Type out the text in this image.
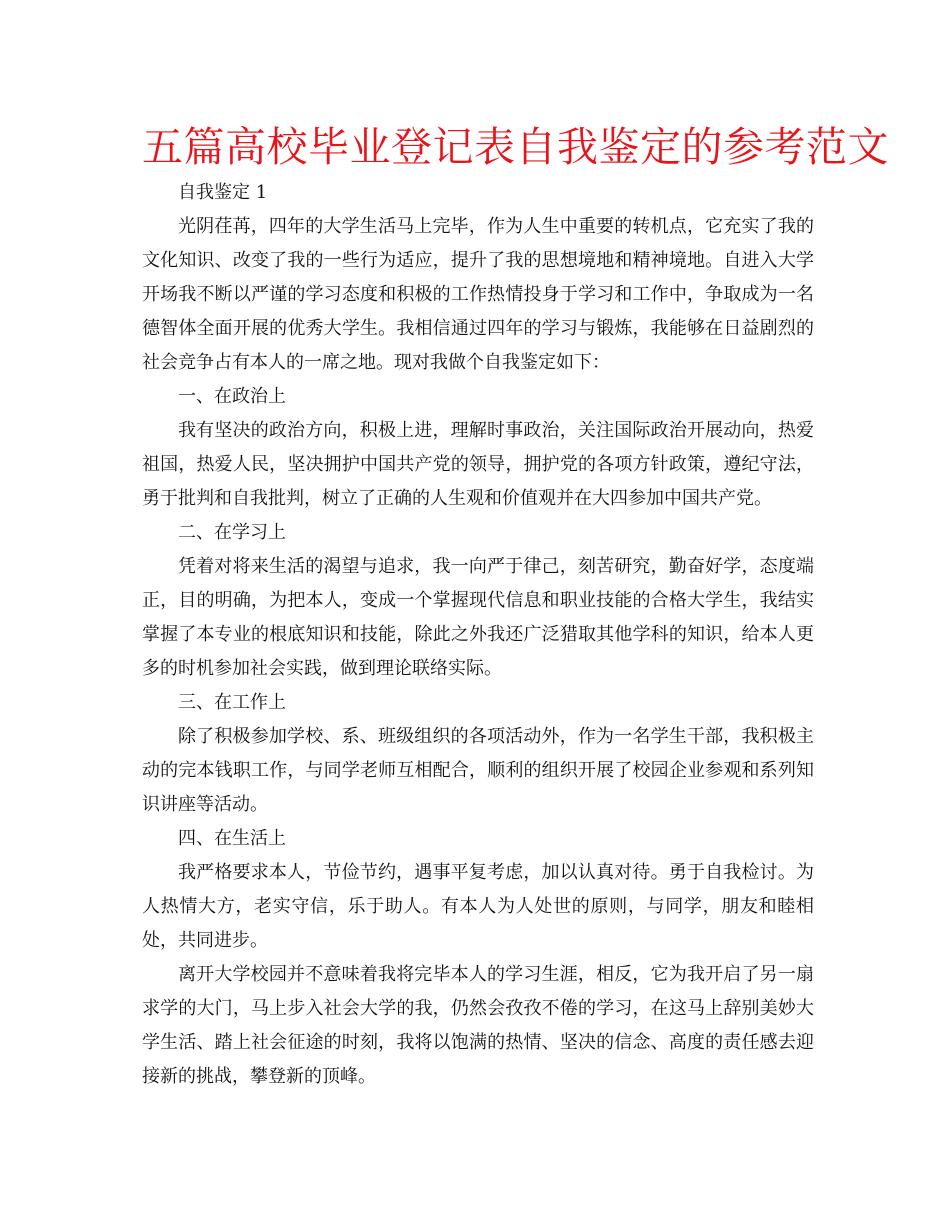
五篇高校毕业登记表自我鉴定的参考范文

自我鉴定 1

光阴荏苒，四年的大学生活马上完毕，作为人生中重要的转机点，它充实了我的文化知识、改变了我的一些行为适应，提升了我的思想境地和精神境地。自进入大学开场我不断以严谨的学习态度和积极的工作热情投身于学习和工作中，争取成为一名德智体全面开展的优秀大学生。我相信通过四年的学习与锻炼，我能够在日益剧烈的社会竞争占有本人的一席之地。现对我做个自我鉴定如下：

一、在政治上

我有坚决的政治方向，积极上进，理解时事政治，关注国际政治开展动向，热爱祖国，热爱人民，坚决拥护中国共产党的领导，拥护党的各项方针政策，遵纪守法，勇于批判和自我批判，树立了正确的人生观和价值观并在大四参加中国共产党。

二、在学习上

凭着对将来生活的渴望与追求，我一向严于律己，刻苦研究，勤奋好学，态度端正，目的明确，为把本人，变成一个掌握现代信息和职业技能的合格大学生，我结实掌握了本专业的根底知识和技能，除此之外我还广泛猎取其他学科的知识，给本人更多的时机参加社会实践，做到理论联络实际。

三、在工作上

除了积极参加学校、系、班级组织的各项活动外，作为一名学生干部，我积极主动的完本钱职工作，与同学老师互相配合，顺利的组织开展了校园企业参观和系列知识讲座等活动。

四、在生活上

我严格要求本人，节俭节约，遇事平复考虑，加以认真对待。勇于自我检讨。为人热情大方，老实守信，乐于助人。有本人为人处世的原则，与同学，朋友和睦相处，共同进步。

离开大学校园并不意味着我将完毕本人的学习生涯，相反，它为我开启了另一扇求学的大门，马上步入社会大学的我，仍然会孜孜不倦的学习，在这马上辞别美妙大学生活、踏上社会征途的时刻，我将以饱满的热情、坚决的信念、高度的责任感去迎接新的挑战，攀登新的顶峰。
